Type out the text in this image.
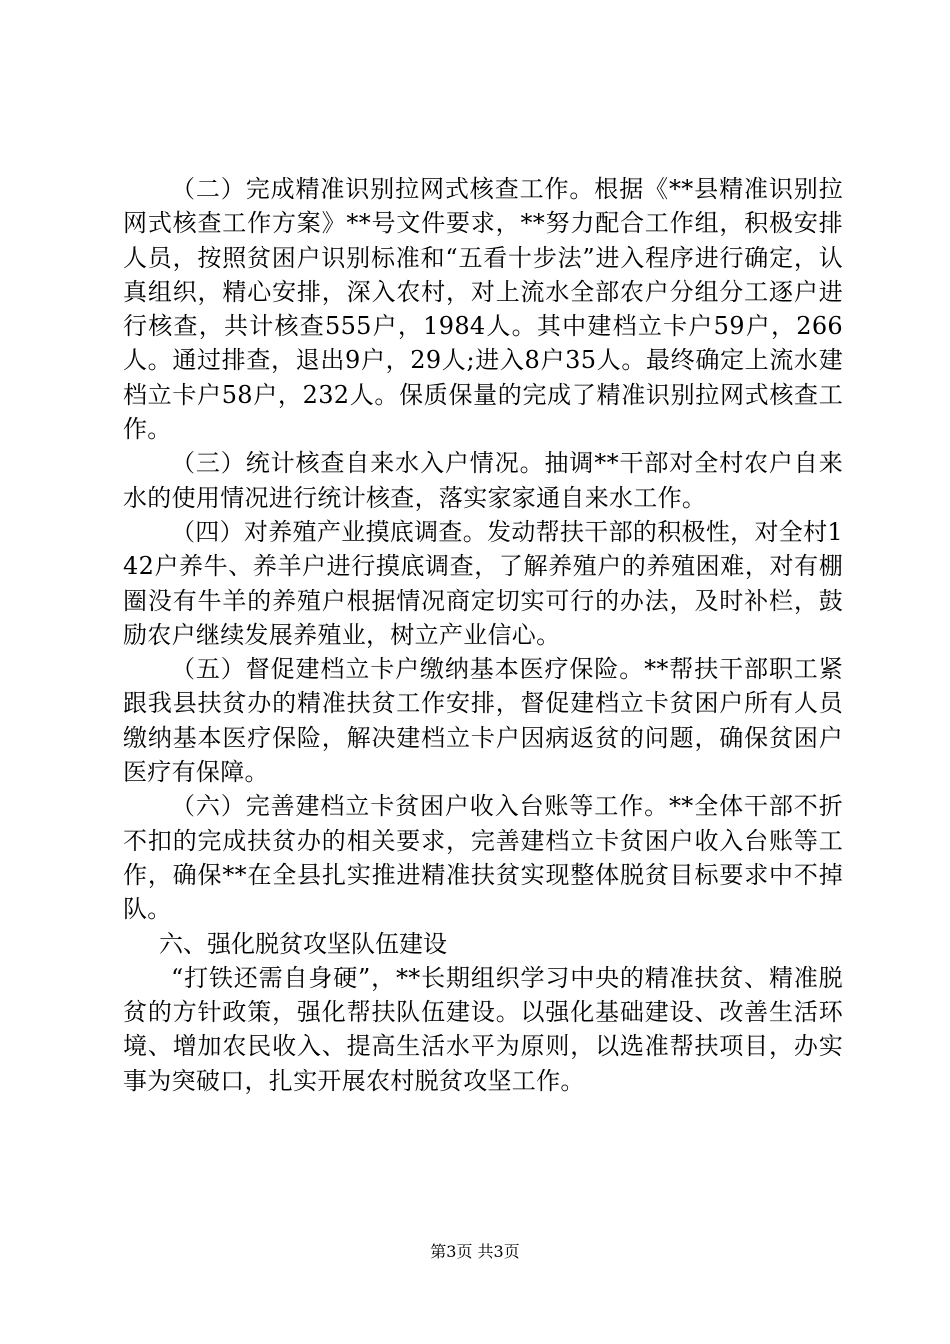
（二）完成精准识别拉网式核查工作。根据《**县精准识别拉网式核查工作方案》**号文件要求，**努力配合工作组，积极安排人员，按照贫困户识别标准和“五看十步法”进入程序进行确定，认真组织，精心安排，深入农村，对上流水全部农户分组分工逐户进行核查，共计核查555户，1984人。其中建档立卡户59户，266人。通过排查，退出9户，29人;进入8户35人。最终确定上流水建档立卡户58户，232人。保质保量的完成了精准识别拉网式核查工作。

（三）统计核查自来水入户情况。抽调**干部对全村农户自来水的使用情况进行统计核查，落实家家通自来水工作。

（四）对养殖产业摸底调查。发动帮扶干部的积极性，对全村142户养牛、养羊户进行摸底调查，了解养殖户的养殖困难，对有棚圈没有牛羊的养殖户根据情况商定切实可行的办法，及时补栏，鼓励农户继续发展养殖业，树立产业信心。

（五）督促建档立卡户缴纳基本医疗保险。**帮扶干部职工紧跟我县扶贫办的精准扶贫工作安排，督促建档立卡贫困户所有人员缴纳基本医疗保险，解决建档立卡户因病返贫的问题，确保贫困户医疗有保障。

（六）完善建档立卡贫困户收入台账等工作。**全体干部不折不扣的完成扶贫办的相关要求，完善建档立卡贫困户收入台账等工作，确保**在全县扎实推进精准扶贫实现整体脱贫目标要求中不掉队。

六、强化脱贫攻坚队伍建设

“打铁还需自身硬”，**长期组织学习中央的精准扶贫、精准脱贫的方针政策，强化帮扶队伍建设。以强化基础建设、改善生活环境、增加农民收入、提高生活水平为原则，以选准帮扶项目，办实事为突破口，扎实开展农村脱贫攻坚工作。

第3页 共3页
